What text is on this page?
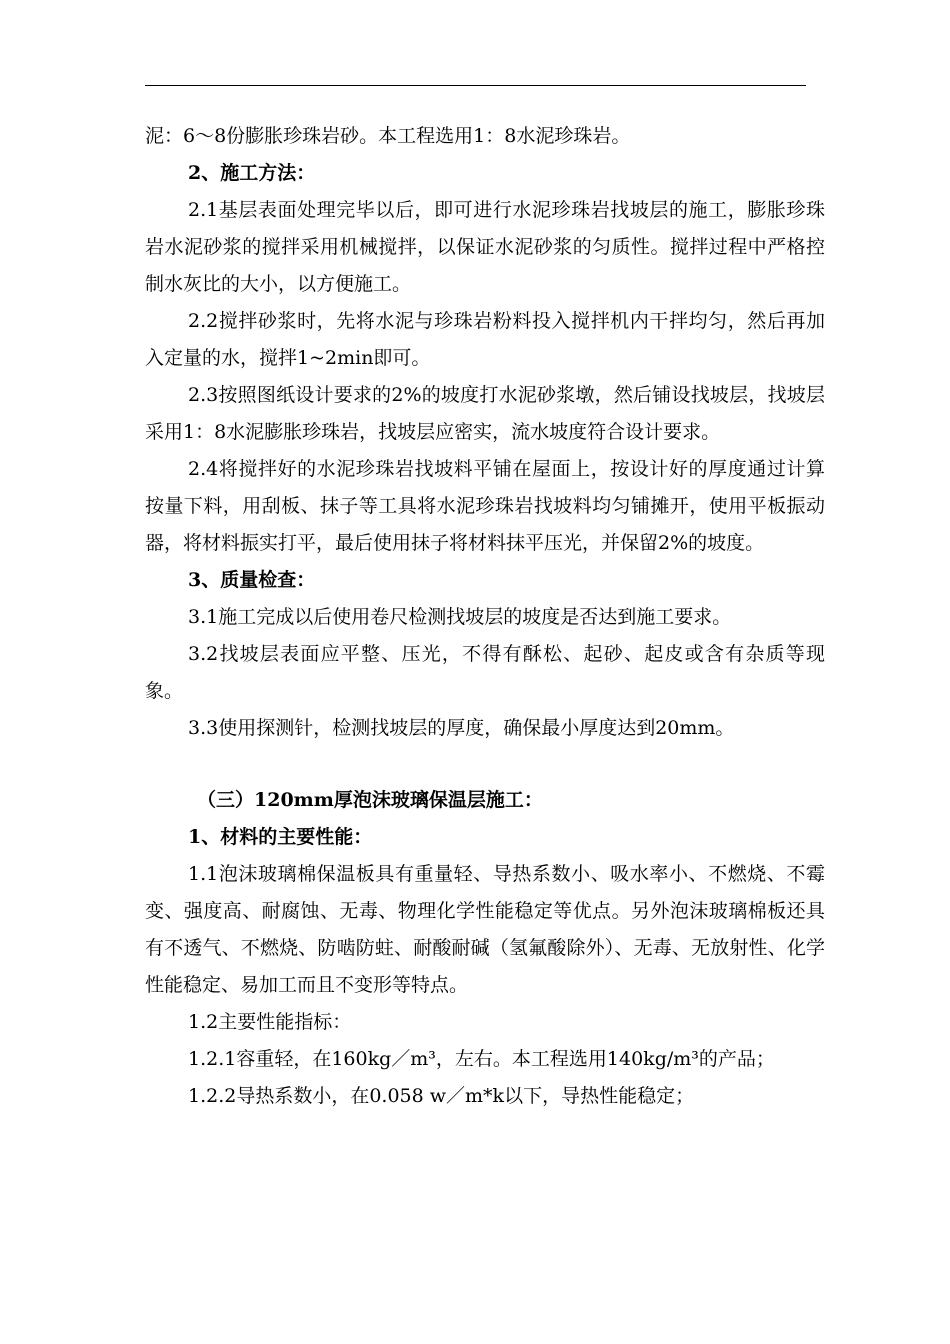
泥：6～8份膨胀珍珠岩砂。本工程选用1：8水泥珍珠岩。

2、施工方法：

2.1基层表面处理完毕以后，即可进行水泥珍珠岩找坡层的施工，膨胀珍珠岩水泥砂浆的搅拌采用机械搅拌，以保证水泥砂浆的匀质性。搅拌过程中严格控制水灰比的大小，以方便施工。

2.2搅拌砂浆时，先将水泥与珍珠岩粉料投入搅拌机内干拌均匀，然后再加入定量的水，搅拌1~2min即可。

2.3按照图纸设计要求的2%的坡度打水泥砂浆墩，然后铺设找坡层，找坡层采用1：8水泥膨胀珍珠岩，找坡层应密实，流水坡度符合设计要求。

2.4将搅拌好的水泥珍珠岩找坡料平铺在屋面上，按设计好的厚度通过计算按量下料，用刮板、抹子等工具将水泥珍珠岩找坡料均匀铺摊开，使用平板振动器，将材料振实打平，最后使用抹子将材料抹平压光，并保留2%的坡度。

3、质量检查：

3.1施工完成以后使用卷尺检测找坡层的坡度是否达到施工要求。

3.2找坡层表面应平整、压光，不得有酥松、起砂、起皮或含有杂质等现象。

3.3使用探测针，检测找坡层的厚度，确保最小厚度达到20mm。

（三）120mm厚泡沫玻璃保温层施工：

1、材料的主要性能：

1.1泡沫玻璃棉保温板具有重量轻、导热系数小、吸水率小、不燃烧、不霉变、强度高、耐腐蚀、无毒、物理化学性能稳定等优点。另外泡沫玻璃棉板还具有不透气、不燃烧、防啮防蛀、耐酸耐碱（氢氟酸除外）、无毒、无放射性、化学性能稳定、易加工而且不变形等特点。

1.2主要性能指标：

1.2.1容重轻，在160kg／m³，左右。本工程选用140kg/m³的产品；

1.2.2导热系数小，在0.058 w／m*k以下，导热性能稳定；
